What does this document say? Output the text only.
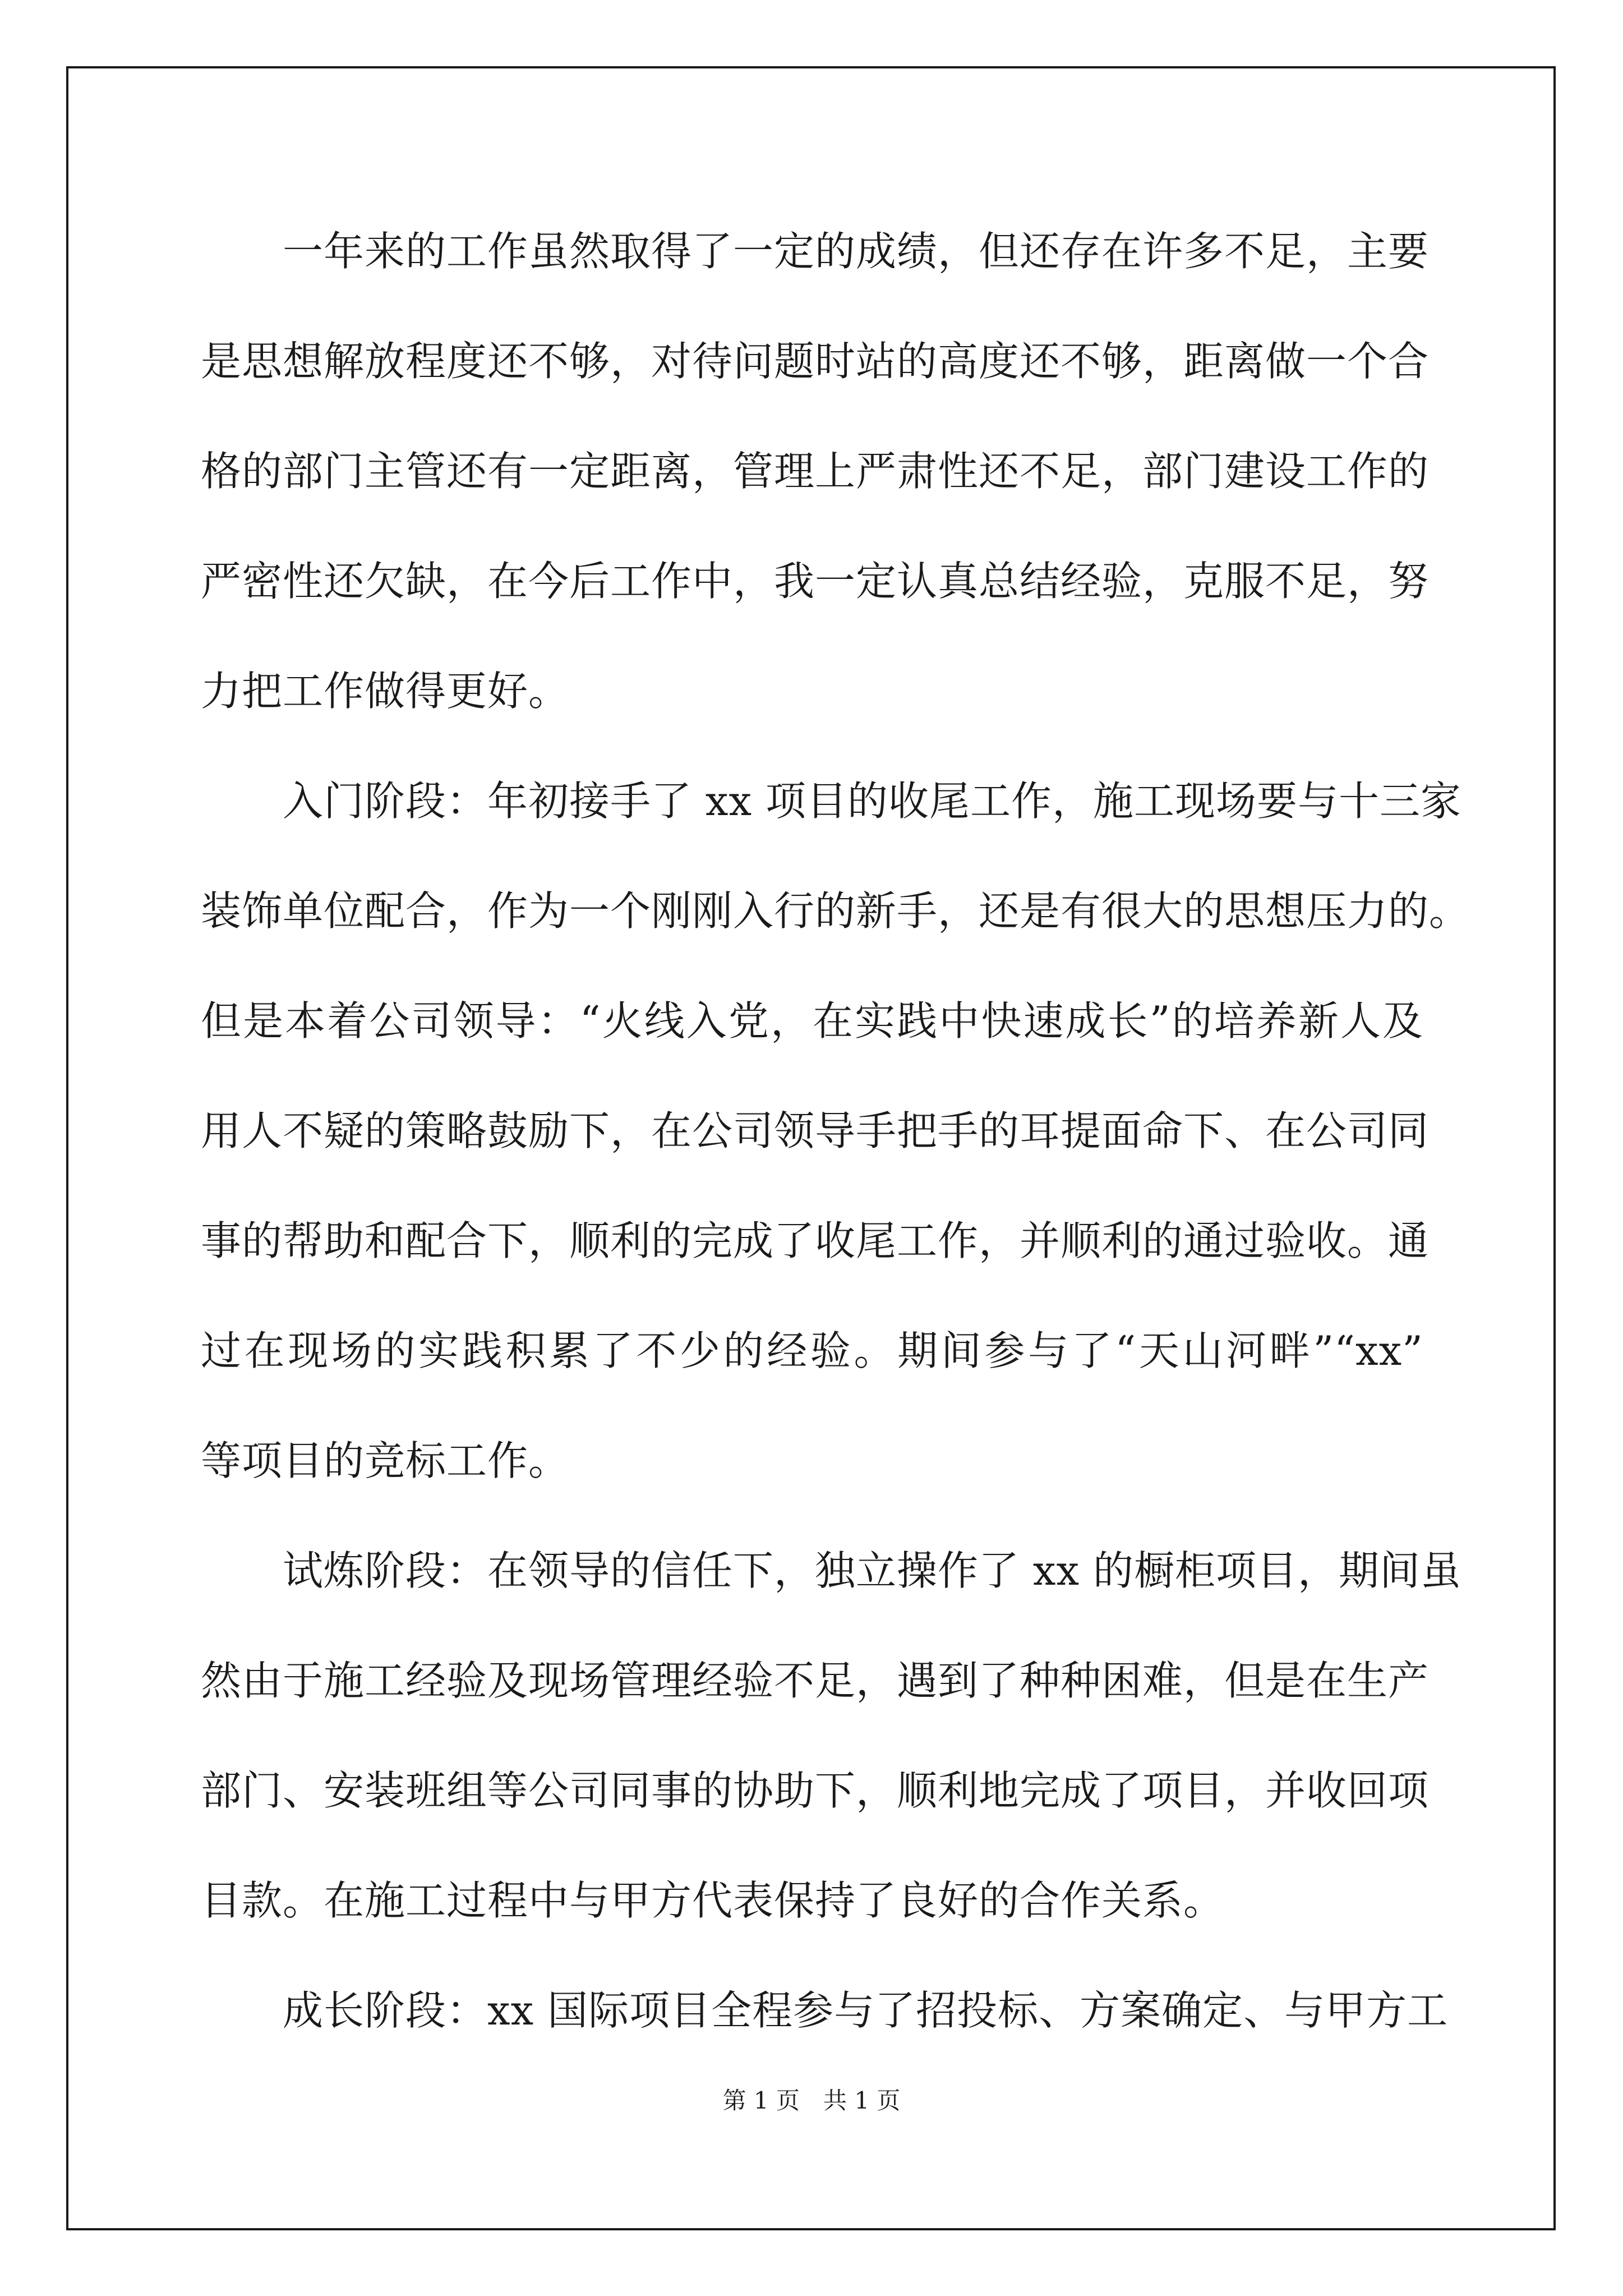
　　一年来的工作虽然取得了一定的成绩，但还存在许多不足，主要
是思想解放程度还不够，对待问题时站的高度还不够，距离做一个合
格的部门主管还有一定距离，管理上严肃性还不足，部门建设工作的
严密性还欠缺，在今后工作中，我一定认真总结经验，克服不足，努
力把工作做得更好。
　　入门阶段：年初接手了 xx 项目的收尾工作，施工现场要与十三家
装饰单位配合，作为一个刚刚入行的新手，还是有很大的思想压力的。
但是本着公司领导：“火线入党，在实践中快速成长”的培养新人及
用人不疑的策略鼓励下，在公司领导手把手的耳提面命下、在公司同
事的帮助和配合下，顺利的完成了收尾工作，并顺利的通过验收。通
过在现场的实践积累了不少的经验。期间参与了“天山河畔”“xx”
等项目的竞标工作。
　　试炼阶段：在领导的信任下，独立操作了 xx 的橱柜项目，期间虽
然由于施工经验及现场管理经验不足，遇到了种种困难，但是在生产
部门、安装班组等公司同事的协助下，顺利地完成了项目，并收回项
目款。在施工过程中与甲方代表保持了良好的合作关系。
　　成长阶段：xx 国际项目全程参与了招投标、方案确定、与甲方工
第 1 页　共 1 页
